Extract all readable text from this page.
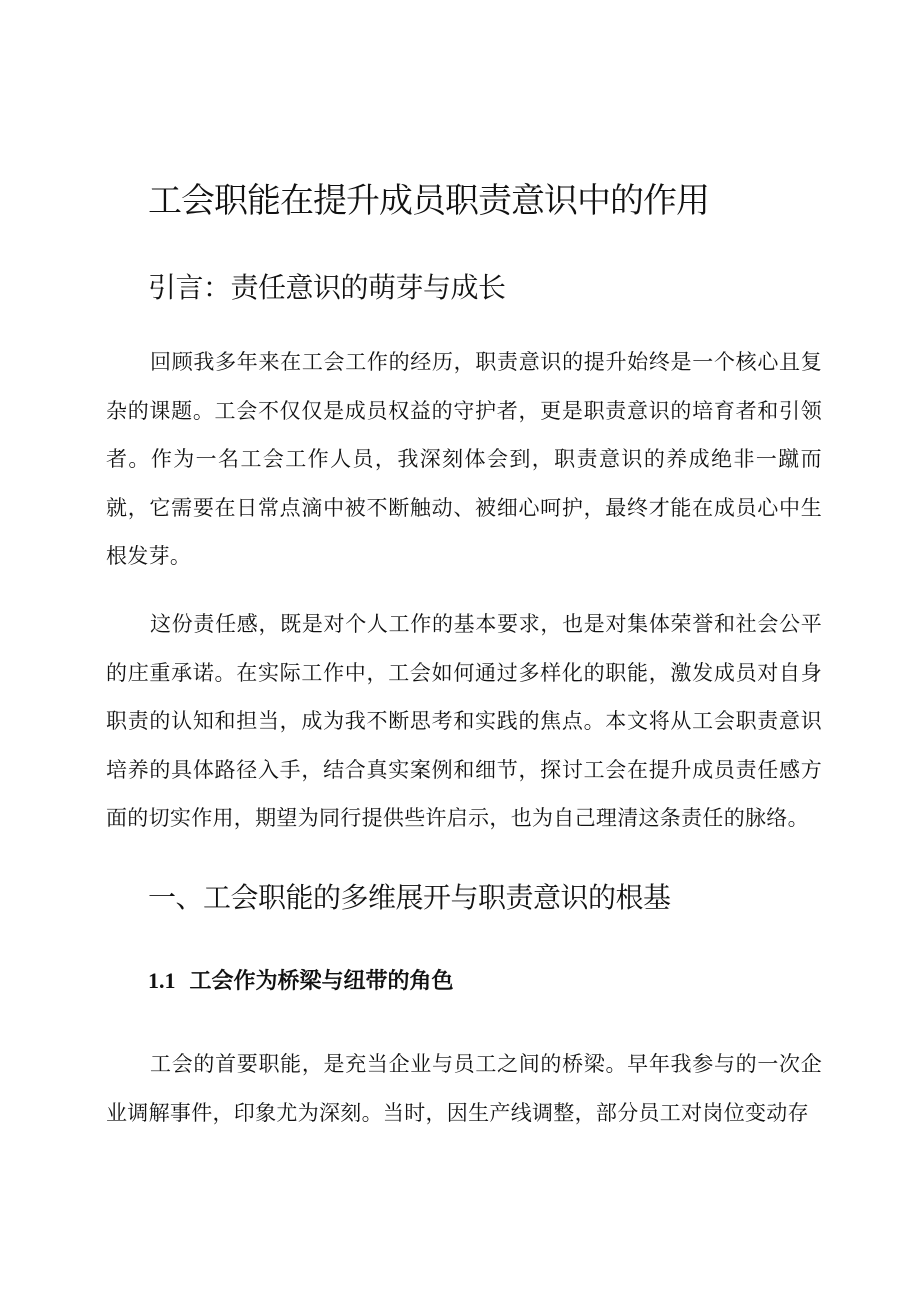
工会职能在提升成员职责意识中的作用
引言：责任意识的萌芽与成长

回顾我多年来在工会工作的经历，职责意识的提升始终是一个核心且复杂的课题。工会不仅仅是成员权益的守护者，更是职责意识的培育者和引领者。作为一名工会工作人员，我深刻体会到，职责意识的养成绝非一蹴而就，它需要在日常点滴中被不断触动、被细心呵护，最终才能在成员心中生根发芽。

这份责任感，既是对个人工作的基本要求，也是对集体荣誉和社会公平的庄重承诺。在实际工作中，工会如何通过多样化的职能，激发成员对自身职责的认知和担当，成为我不断思考和实践的焦点。本文将从工会职责意识培养的具体路径入手，结合真实案例和细节，探讨工会在提升成员责任感方面的切实作用，期望为同行提供些许启示，也为自己理清这条责任的脉络。

一、工会职能的多维展开与职责意识的根基
1.1 工会作为桥梁与纽带的角色

工会的首要职能，是充当企业与员工之间的桥梁。早年我参与的一次企业调解事件，印象尤为深刻。当时，因生产线调整，部分员工对岗位变动存
